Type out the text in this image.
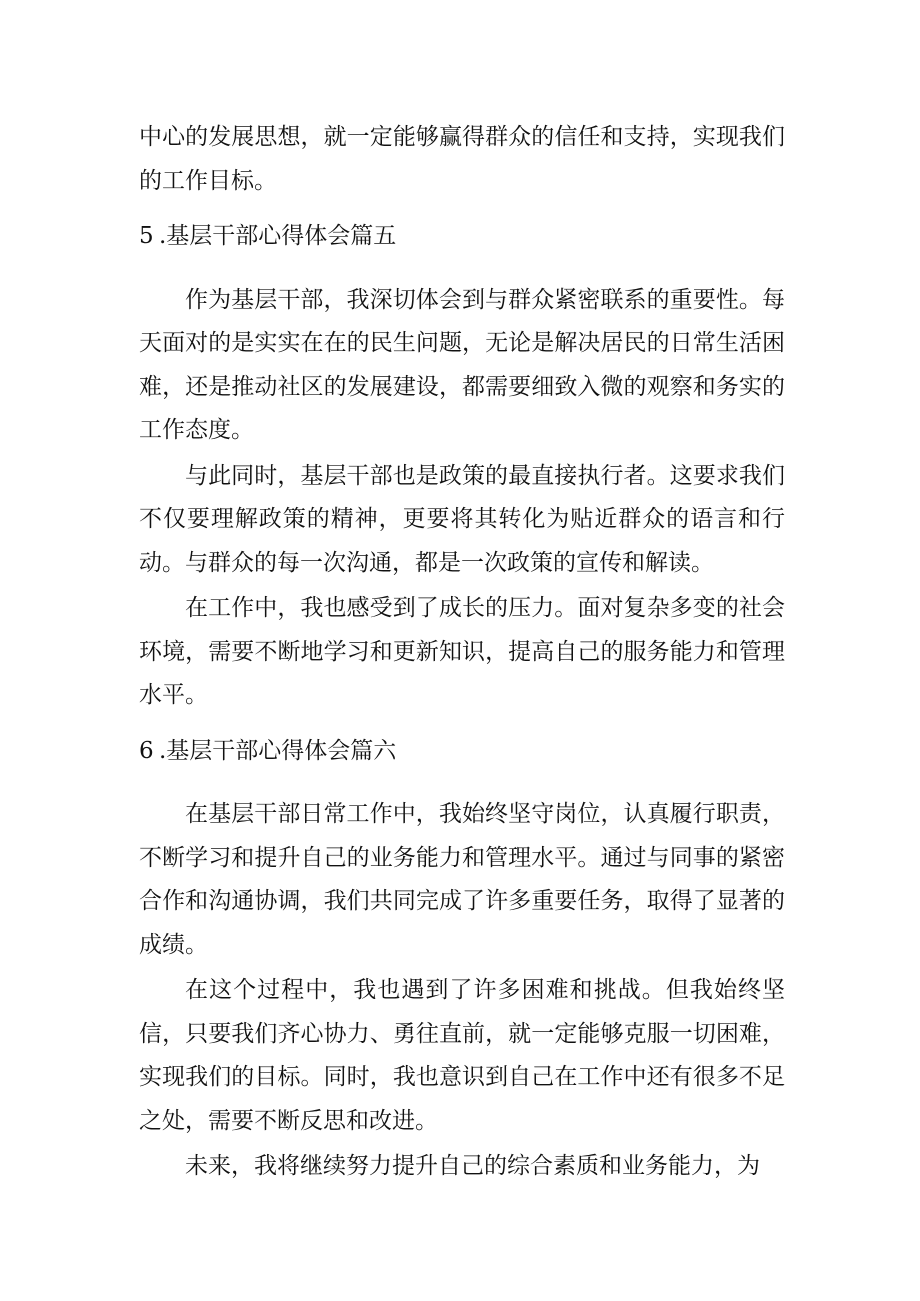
中心的发展思想，就一定能够赢得群众的信任和支持，实现我们的工作目标。

5 .基层干部心得体会篇五

作为基层干部，我深切体会到与群众紧密联系的重要性。每天面对的是实实在在的民生问题，无论是解决居民的日常生活困难，还是推动社区的发展建设，都需要细致入微的观察和务实的工作态度。

与此同时，基层干部也是政策的最直接执行者。这要求我们不仅要理解政策的精神，更要将其转化为贴近群众的语言和行动。与群众的每一次沟通，都是一次政策的宣传和解读。

在工作中，我也感受到了成长的压力。面对复杂多变的社会环境，需要不断地学习和更新知识，提高自己的服务能力和管理水平。

6 .基层干部心得体会篇六

在基层干部日常工作中，我始终坚守岗位，认真履行职责，不断学习和提升自己的业务能力和管理水平。通过与同事的紧密合作和沟通协调，我们共同完成了许多重要任务，取得了显著的成绩。

在这个过程中，我也遇到了许多困难和挑战。但我始终坚信，只要我们齐心协力、勇往直前，就一定能够克服一切困难，实现我们的目标。同时，我也意识到自己在工作中还有很多不足之处，需要不断反思和改进。

未来，我将继续努力提升自己的综合素质和业务能力，为
